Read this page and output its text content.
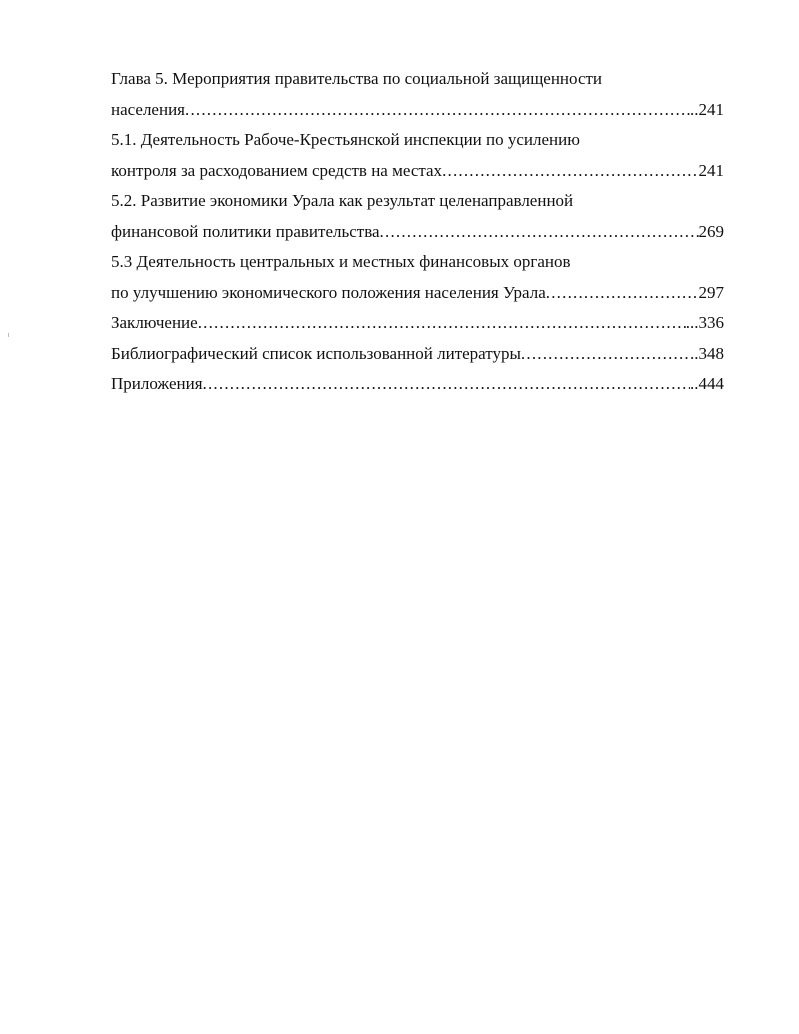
Глава 5. Мероприятия правительства по социальной защищенности
населения .....	..241
5.1. Деятельность Рабоче-Крестьянской инспекции по усилению
контроля за расходованием средств на местах .....	241
5.2. Развитие экономики Урала как результат целенаправленной
финансовой политики правительства .....	269
5.3 Деятельность центральных и местных финансовых органов
по улучшению экономического положения населения Урала .....	297
Заключение .....	...336
Библиографический список использованной литературы .....	..348
Приложения .....	..444
